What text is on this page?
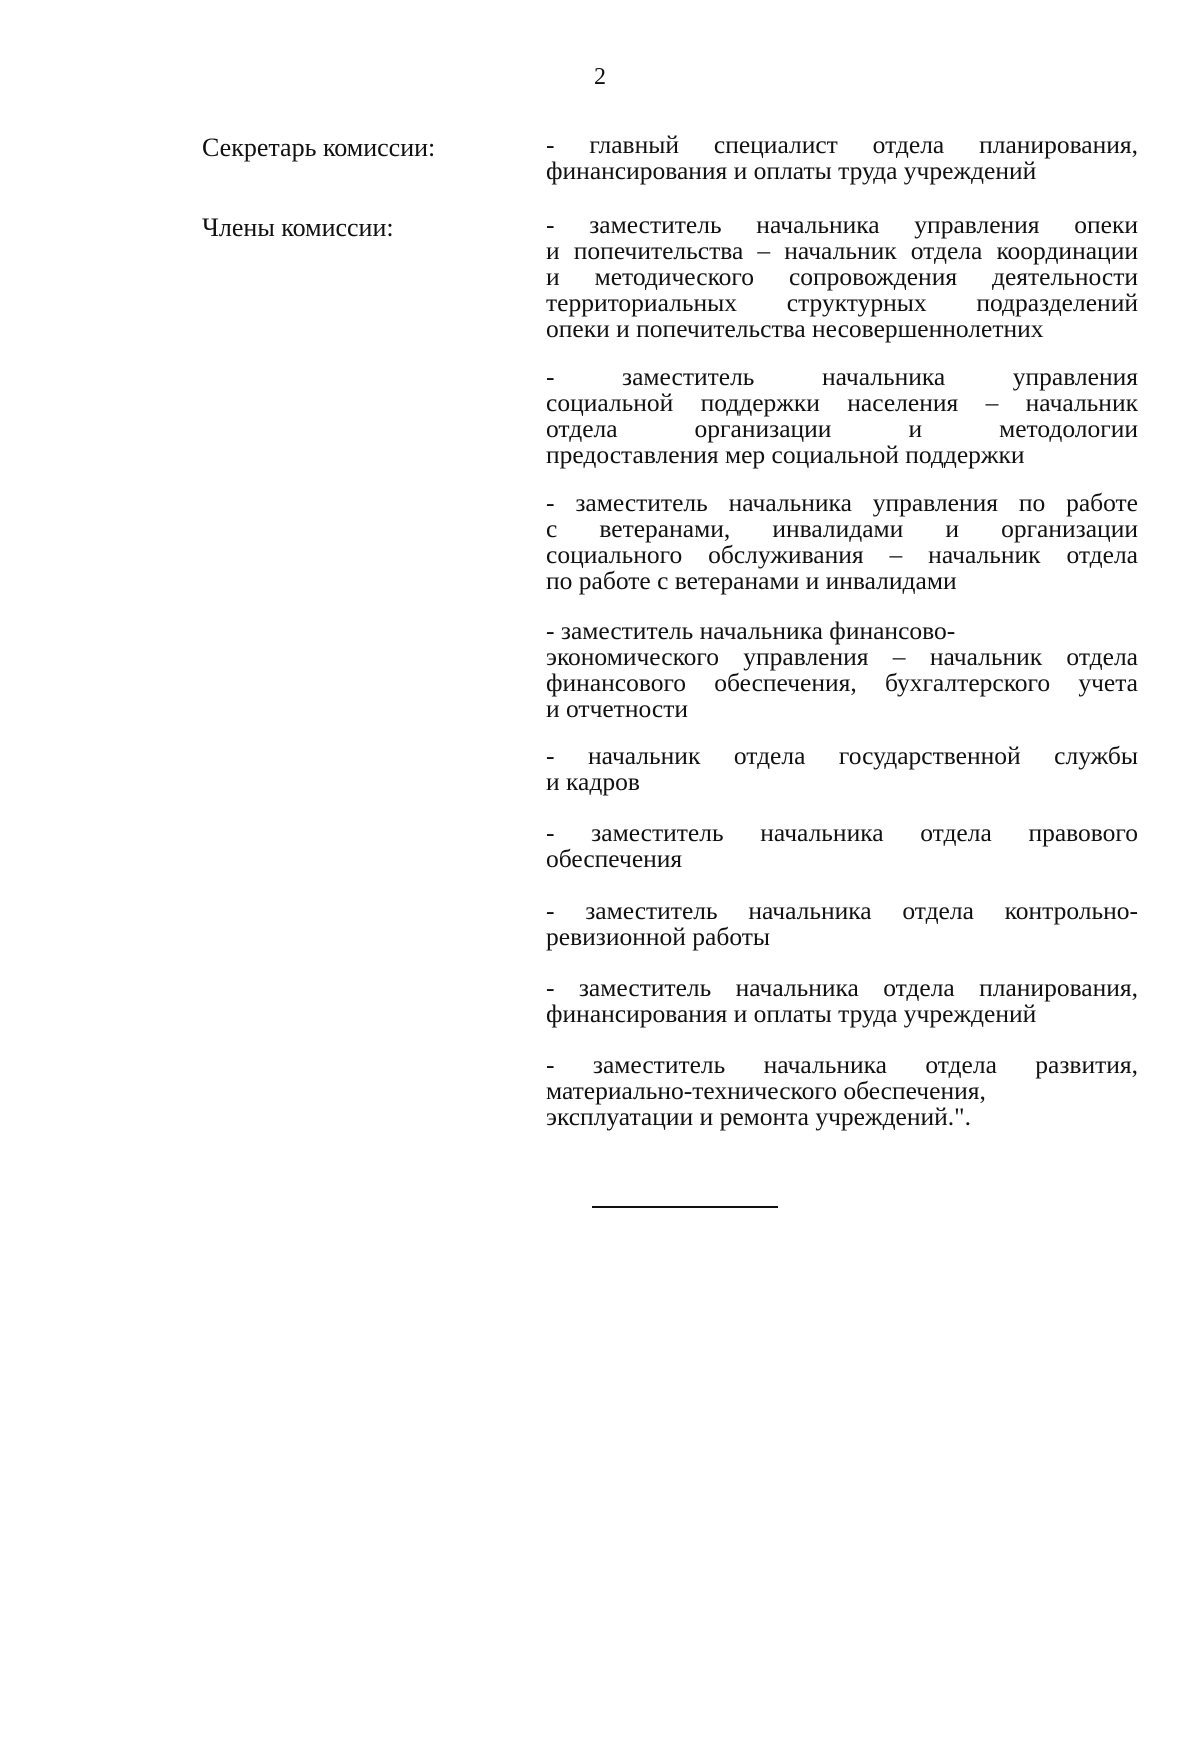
2
Секретарь комиссии:	- главный специалист отдела планирования,
финансирования и оплаты труда учреждений
Члены комиссии:	- заместитель начальника управления опеки
и попечительства – начальник отдела координации
и методического сопровождения деятельности
территориальных структурных подразделений
опеки и попечительства несовершеннолетних
- заместитель начальника управления
социальной поддержки населения – начальник
отдела организации и методологии
предоставления мер социальной поддержки
- заместитель начальника управления по работе
с ветеранами, инвалидами и организации
социального обслуживания – начальник отдела
по работе с ветеранами и инвалидами
- заместитель начальника финансово-
экономического управления – начальник отдела
финансового обеспечения, бухгалтерского учета
и отчетности
- начальник отдела государственной службы
и кадров
- заместитель начальника отдела правового
обеспечения
- заместитель начальника отдела контрольно-
ревизионной работы
- заместитель начальника отдела планирования,
финансирования и оплаты труда учреждений
- заместитель начальника отдела развития,
материально-технического обеспечения,
эксплуатации и ремонта учреждений.".
